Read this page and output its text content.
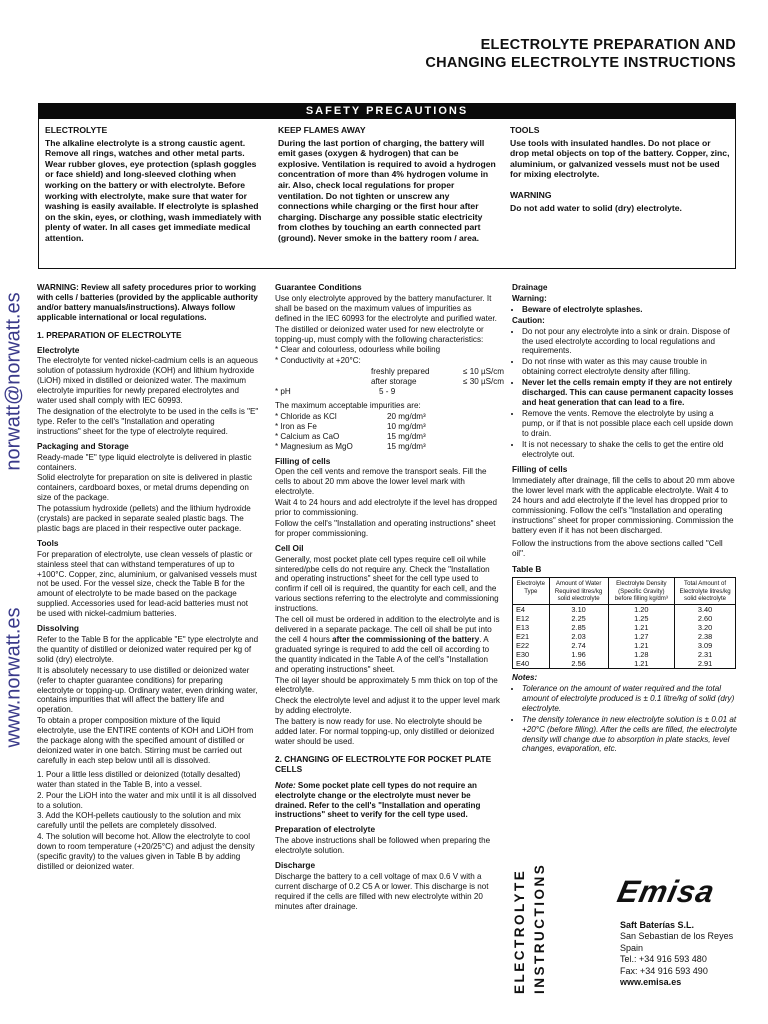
ELECTROLYTE PREPARATION AND
CHANGING ELECTROLYTE INSTRUCTIONS
SAFETY PRECAUTIONS
ELECTROLYTE

The alkaline electrolyte is a strong caustic agent. Remove all rings, watches and other metal parts. Wear rubber gloves, eye protection (splash goggles or face shield) and long-sleeved clothing when working on the battery or with electrolyte. Before working with electrolyte, make sure that water for washing is easily available. If electrolyte is splashed on the skin, eyes, or clothing, wash immediately with plenty of water. In all cases get immediate medical attention.

KEEP FLAMES AWAY

During the last portion of charging, the battery will emit gases (oxygen & hydrogen) that can be explosive. Ventilation is required to avoid a hydrogen concentration of more than 4% hydrogen volume in air. Also, check local regulations for proper ventilation. Do not tighten or unscrew any connections while charging or the first hour after charging. Discharge any possible static electricity from clothes by touching an earth connected part (ground). Never smoke in the battery room / area.

TOOLS

Use tools with insulated handles. Do not place or drop metal objects on top of the battery. Copper, zinc, aluminium, or galvanized vessels must not be used for mixing electrolyte.

WARNING

Do not add water to solid (dry) electrolyte.

norwatt@norwatt.es
www.norwatt.es

WARNING: Review all safety procedures prior to working with cells / batteries (provided by the applicable authority and/or battery manuals/instructions). Always follow applicable international or local regulations.

1. PREPARATION OF ELECTROLYTE
Electrolyte

The electrolyte for vented nickel-cadmium cells is an aqueous solution of potassium hydroxide (KOH) and lithium hydroxide (LiOH) mixed in distilled or deionized water. The maximum electrolyte impurities for newly prepared electrolytes and water used shall comply with IEC 60993.

The designation of the electrolyte to be used in the cells is "E" type. Refer to the cell's "Installation and operating instructions" sheet for the type of electrolyte required.

Packaging and Storage

Ready-made "E" type liquid electrolyte is delivered in plastic containers.

Solid electrolyte for preparation on site is delivered in plastic containers, cardboard boxes, or metal drums depending on size of the package.

The potassium hydroxide (pellets) and the lithium hydroxide (crystals) are packed in separate sealed plastic bags. The plastic bags are placed in their respective outer package.

Tools

For preparation of electrolyte, use clean vessels of plastic or stainless steel that can withstand temperatures of up to +100°C. Copper, zinc, aluminium, or galvanised vessels must not be used. For the vessel size, check the Table B for the amount of electrolyte to be made based on the package supplied. Accessories used for lead-acid batteries must not be used with nickel-cadmium batteries.

Dissolving

Refer to the Table B for the applicable "E" type electrolyte and the quantity of distilled or deionized water required per kg of solid (dry) electrolyte.

It is absolutely necessary to use distilled or deionized water (refer to chapter guarantee conditions) for preparing electrolyte or topping-up. Ordinary water, even drinking water, contains impurities that will affect the battery life and operation.

To obtain a proper composition mixture of the liquid electrolyte, use the ENTIRE contents of KOH and LiOH from the package along with the specified amount of distilled or deionized water in one batch. Stirring must be carried out carefully in each step below until all is dissolved.

1. Pour a little less distilled or deionized (totally desalted) water than stated in the Table B, into a vessel.

2. Pour the LiOH into the water and mix until it is all dissolved to a solution.

3. Add the KOH-pellets cautiously to the solution and mix carefully until the pellets are completely dissolved.

4. The solution will become hot. Allow the electrolyte to cool down to room temperature (+20/25°C) and adjust the density (specific gravity) to the values given in Table B by adding distilled or deionized water.

Guarantee Conditions

Use only electrolyte approved by the battery manufacturer. It shall be based on the maximum values of impurities as defined in the IEC 60993 for the electrolyte and purified water.

The distilled or deionized water used for new electrolyte or topping-up, must comply with the following characteristics:

* Clear and colourless, odourless while boiling

* Conductivity at +20°C:

freshly prepared	≤ 10 µS/cm
after storage	≤ 30 µS/cm
* pH	5 - 9

The maximum acceptable impurities are:

* Chloride as KCl	20 mg/dm³
* Iron as Fe	10 mg/dm³
* Calcium as CaO	15 mg/dm³
* Magnesium as MgO	15 mg/dm³
Filling of cells

Open the cell vents and remove the transport seals. Fill the cells to about 20 mm above the lower level mark with electrolyte.

Wait 4 to 24 hours and add electrolyte if the level has dropped prior to commissioning.

Follow the cell's "Installation and operating instructions" sheet for proper commissioning.

Cell Oil

Generally, most pocket plate cell types require cell oil while sintered/pbe cells do not require any. Check the "Installation and operating instructions" sheet for the cell type used to confirm if cell oil is required, the quantity for each cell, and the various sections referring to the electrolyte and commissioning instructions.

The cell oil must be ordered in addition to the electrolyte and is delivered in a separate package. The cell oil shall be put into the cell 4 hours after the commissioning of the battery. A graduated syringe is required to add the cell oil according to the quantity indicated in the Table A of the cell's "Installation and operating instructions" sheet.

The oil layer should be approximately 5 mm thick on top of the electrolyte.

Check the electrolyte level and adjust it to the upper level mark by adding electrolyte.

The battery is now ready for use. No electrolyte should be added later. For normal topping-up, only distilled or deionized water should be used.

2. CHANGING OF ELECTROLYTE FOR POCKET PLATE CELLS

Note: Some pocket plate cell types do not require an electrolyte change or the electrolyte must never be drained. Refer to the cell's "Installation and operating instructions" sheet to verify for the cell type used.

Preparation of electrolyte

The above instructions shall be followed when preparing the electrolyte solution.

Discharge

Discharge the battery to a cell voltage of max 0.6 V with a current discharge of 0.2 C5 A or lower. This discharge is not required if the cells are filled with new electrolyte within 20 minutes after drainage.

Drainage

Warning:

• Beware of electrolyte splashes.

Caution:

• Do not pour any electrolyte into a sink or drain. Dispose of the used electrolyte according to local regulations and requirements.
• Do not rinse with water as this may cause trouble in obtaining correct electrolyte density after filling.
• Never let the cells remain empty if they are not entirely discharged. This can cause permanent capacity losses and heat generation that can lead to a fire.
• Remove the vents. Remove the electrolyte by using a pump, or if that is not possible place each cell upside down to drain.
• It is not necessary to shake the cells to get the entire old electrolyte out.
Filling of cells

Immediately after drainage, fill the cells to about 20 mm above the lower level mark with the applicable electrolyte. Wait 4 to 24 hours and add electrolyte if the level has dropped prior to commissioning. Follow the cell's "Installation and operating instructions" sheet for proper commissioning. Commission the battery even if it has not been discharged.

Follow the instructions from the above sections called "Cell oil".

Table B
Electrolyte Type	Amount of Water Required litres/kg solid electrolyte	Electrolyte Density (Specific Gravity) before filling kg/dm³	Total Amount of Electrolyte litres/kg solid electrolyte
E4	3.10	1.20	3.40
E12	2.25	1.25	2.60
E13	2.85	1.21	3.20
E21	2.03	1.27	2.38
E22	2.74	1.21	3.09
E30	1.96	1.28	2.31
E40	2.56	1.21	2.91

Notes:

• Tolerance on the amount of water required and the total amount of electrolyte produced is ± 0.1 litre/kg of solid (dry) electrolyte.
• The density tolerance in new electrolyte solution is ± 0.01 at +20°C (before filling). After the cells are filled, the electrolyte density will change due to absorption in plate stacks, level changes, evaporation, etc.
ELECTROLYTE INSTRUCTIONS Emisa
Saft Baterías S.L.
San Sebastian de los Reyes
Spain
Tel.: +34 916 593 480
Fax: +34 916 593 490
www.emisa.es
